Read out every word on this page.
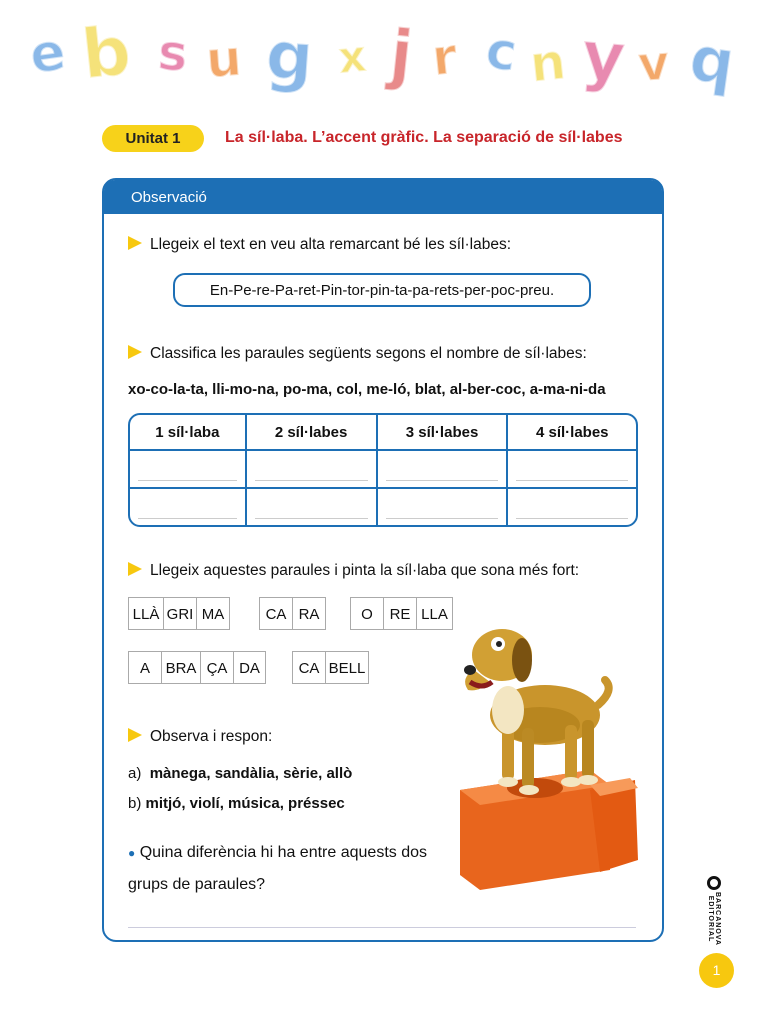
e b s u g x j r c n y v q
Unitat 1	La síl·laba. L’accent gràfic. La separació de síl·labes
Observació
Llegeix el text en veu alta remarcant bé les síl·labes:
En-Pe-re-Pa-ret-Pin-tor-pin-ta-pa-rets-per-poc-preu.
Classifica les paraules següents segons el nombre de síl·labes:
xo-co-la-ta, lli-mo-na, po-ma, col, me-ló, blat, al-ber-coc, a-ma-ni-da
1 síl·laba	2 síl·labes	3 síl·labes	4 síl·labes

Llegeix aquestes paraules i pinta la síl·laba que sona més fort:
LLÀ GRI MA	CA RA	O	RE LLA
A	BRA ÇA DA	CA BELL
Observa i respon:
a) mànega, sandàlia, sèrie, allò
b) mitjó, violí, música, préssec
● Quina diferència hi ha entre aquests dos grups de paraules?
BARCANOVA EDITORIAL
1
